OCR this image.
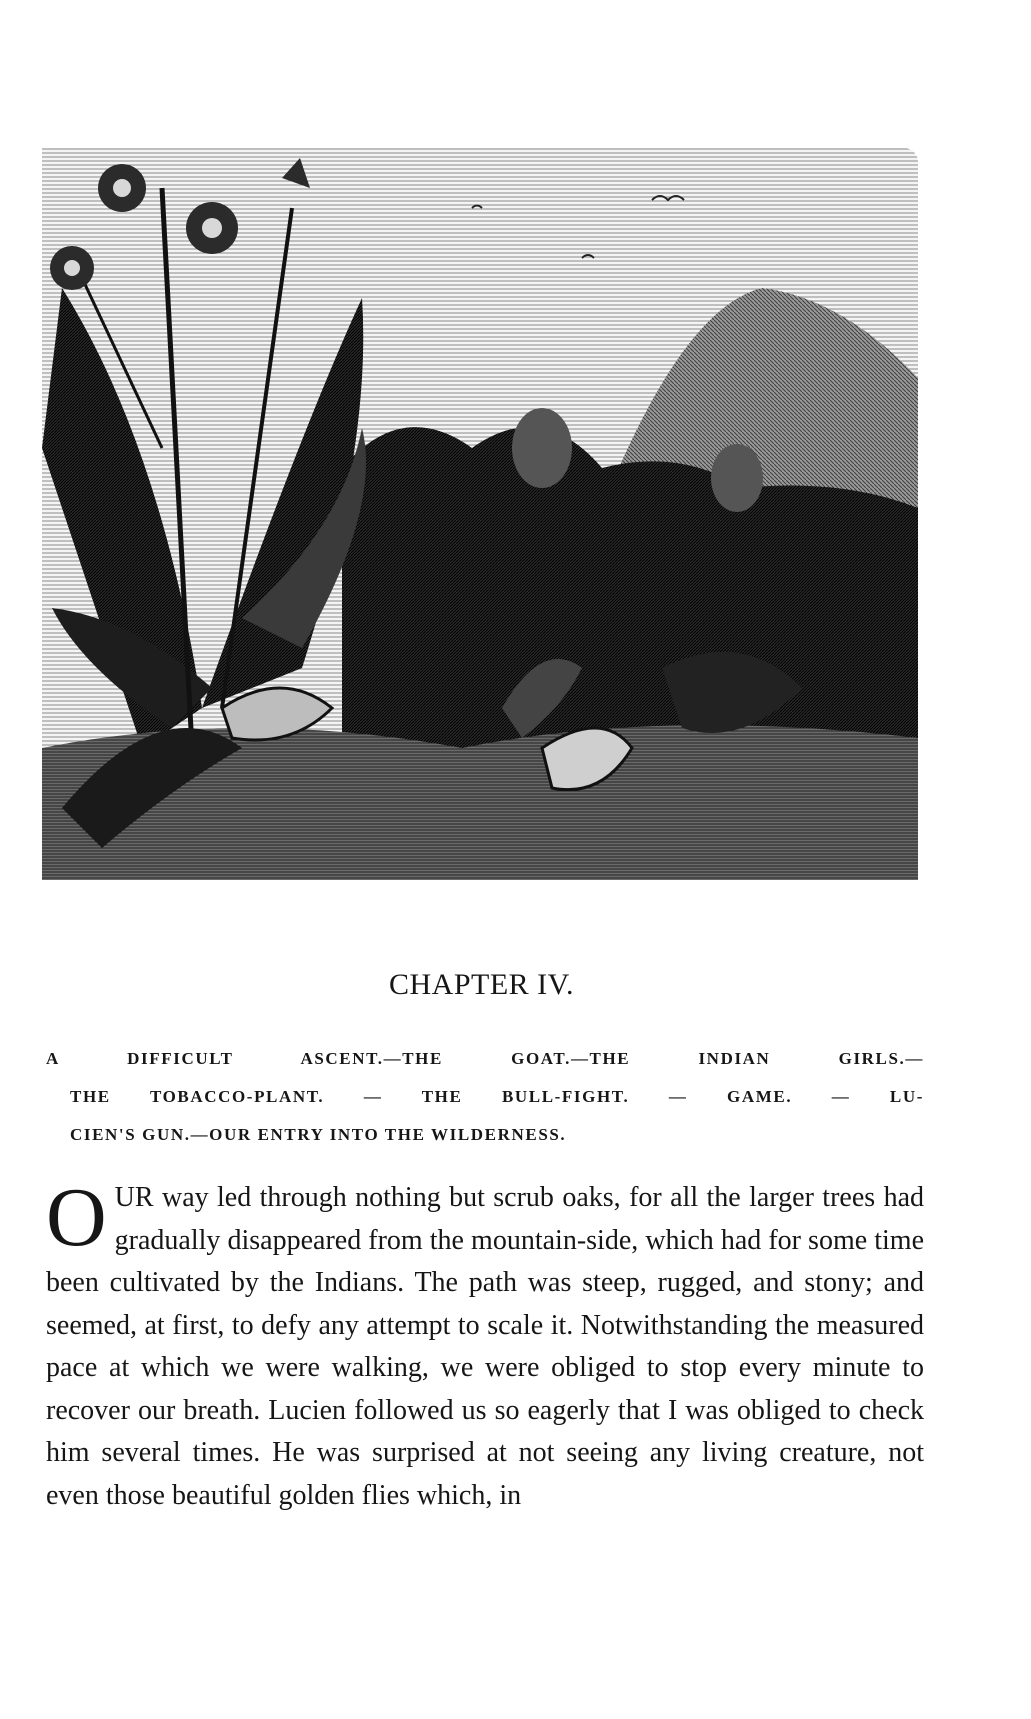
CHAPTER IV.
A DIFFICULT ASCENT.—THE GOAT.—THE INDIAN GIRLS.—
THE TOBACCO-PLANT. — THE BULL-FIGHT. — GAME. — LU-
CIEN'S GUN.—OUR ENTRY INTO THE WILDERNESS.
O UR way led through nothing but scrub oaks, for all the larger trees had gradually disappeared from the mountain-side, which had for some time been cultivated by the Indians. The path was steep, rugged, and stony; and seemed, at first, to defy any attempt to scale it. Notwithstanding the measured pace at which we were walking, we were obliged to stop every minute to recover our breath. Lucien followed us so eagerly that I was obliged to check him several times. He was surprised at not seeing any living creature, not even those beautiful golden flies which, in
